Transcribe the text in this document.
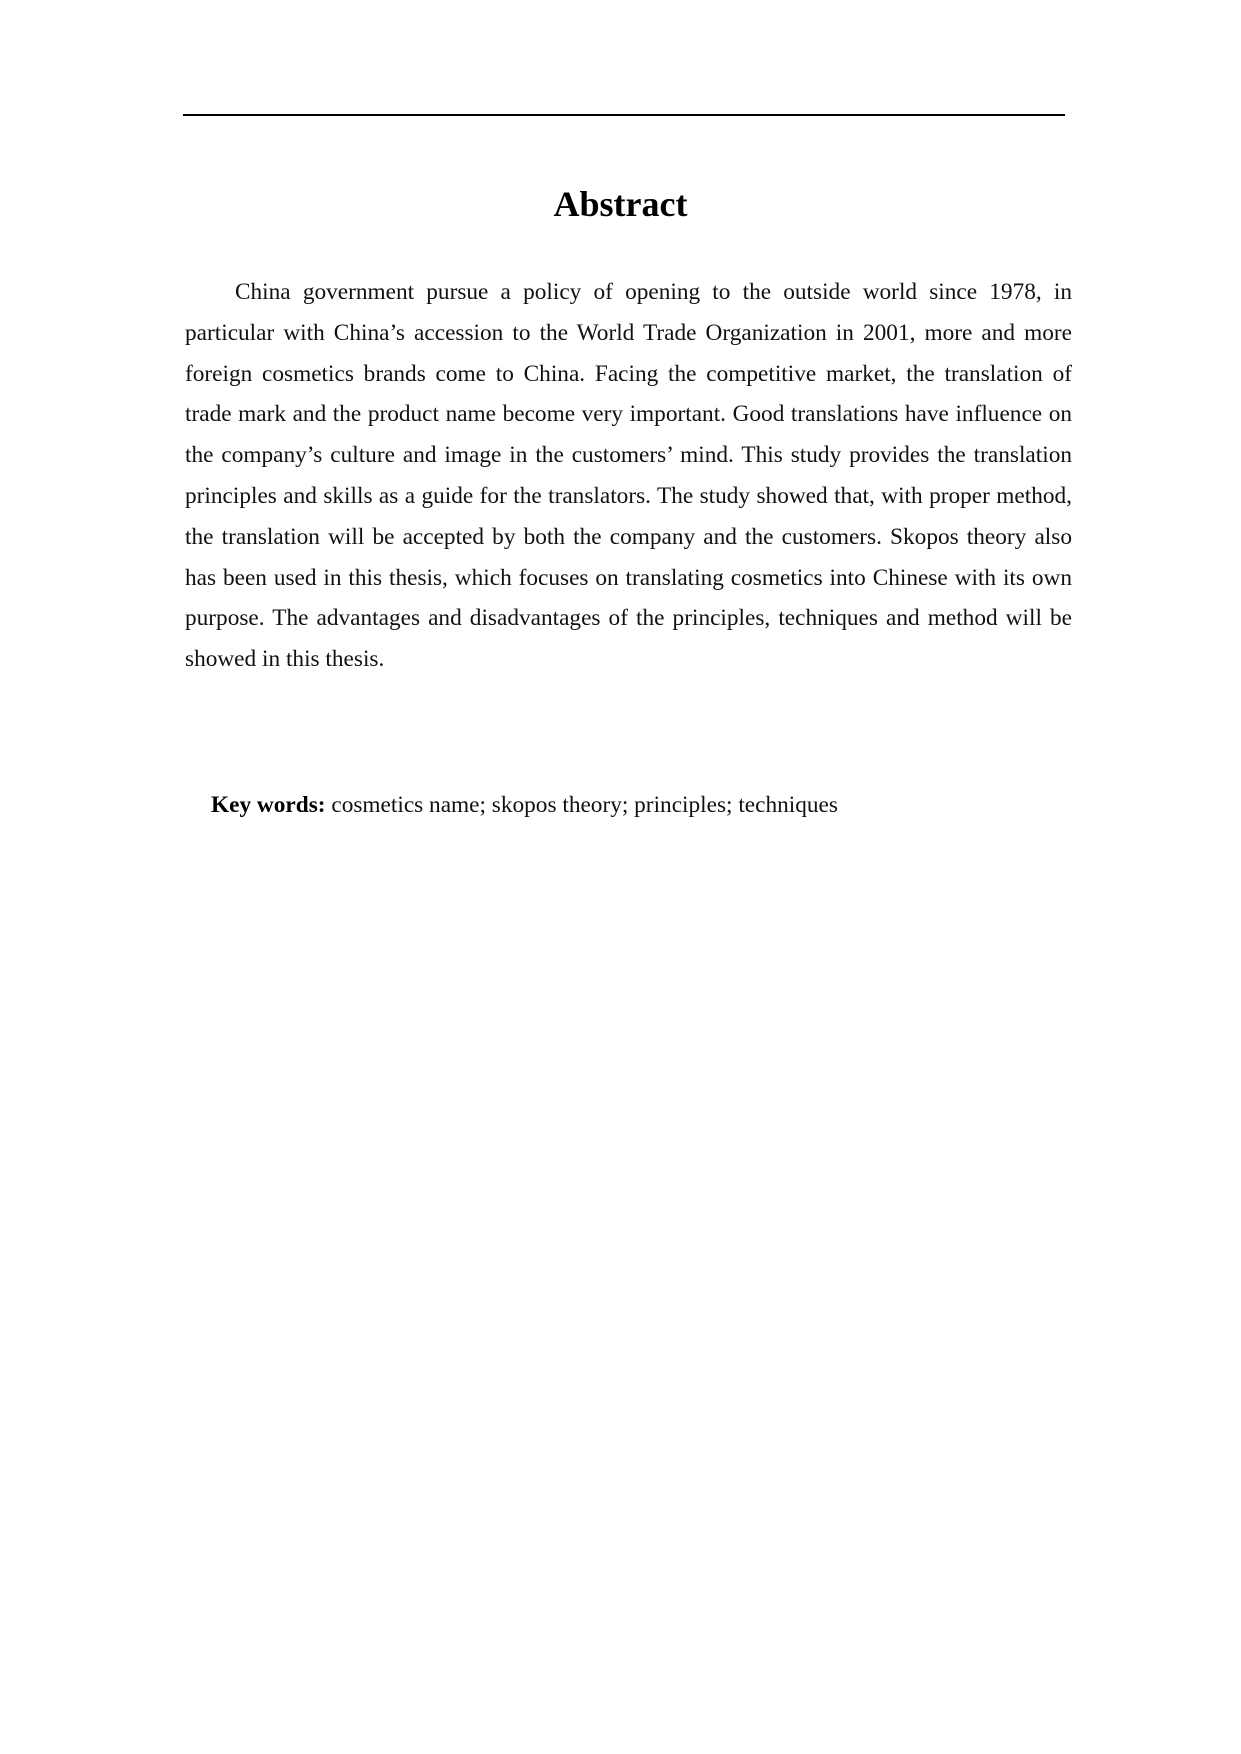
Abstract

China government pursue a policy of opening to the outside world since 1978, in particular with China’s accession to the World Trade Organization in 2001, more and more foreign cosmetics brands come to China. Facing the competitive market, the translation of trade mark and the product name become very important. Good translations have influence on the company’s culture and image in the customers’ mind. This study provides the translation principles and skills as a guide for the translators. The study showed that, with proper method, the translation will be accepted by both the company and the customers. Skopos theory also has been used in this thesis, which focuses on translating cosmetics into Chinese with its own purpose. The advantages and disadvantages of the principles, techniques and method will be showed in this thesis.

Key words: cosmetics name; skopos theory; principles; techniques
